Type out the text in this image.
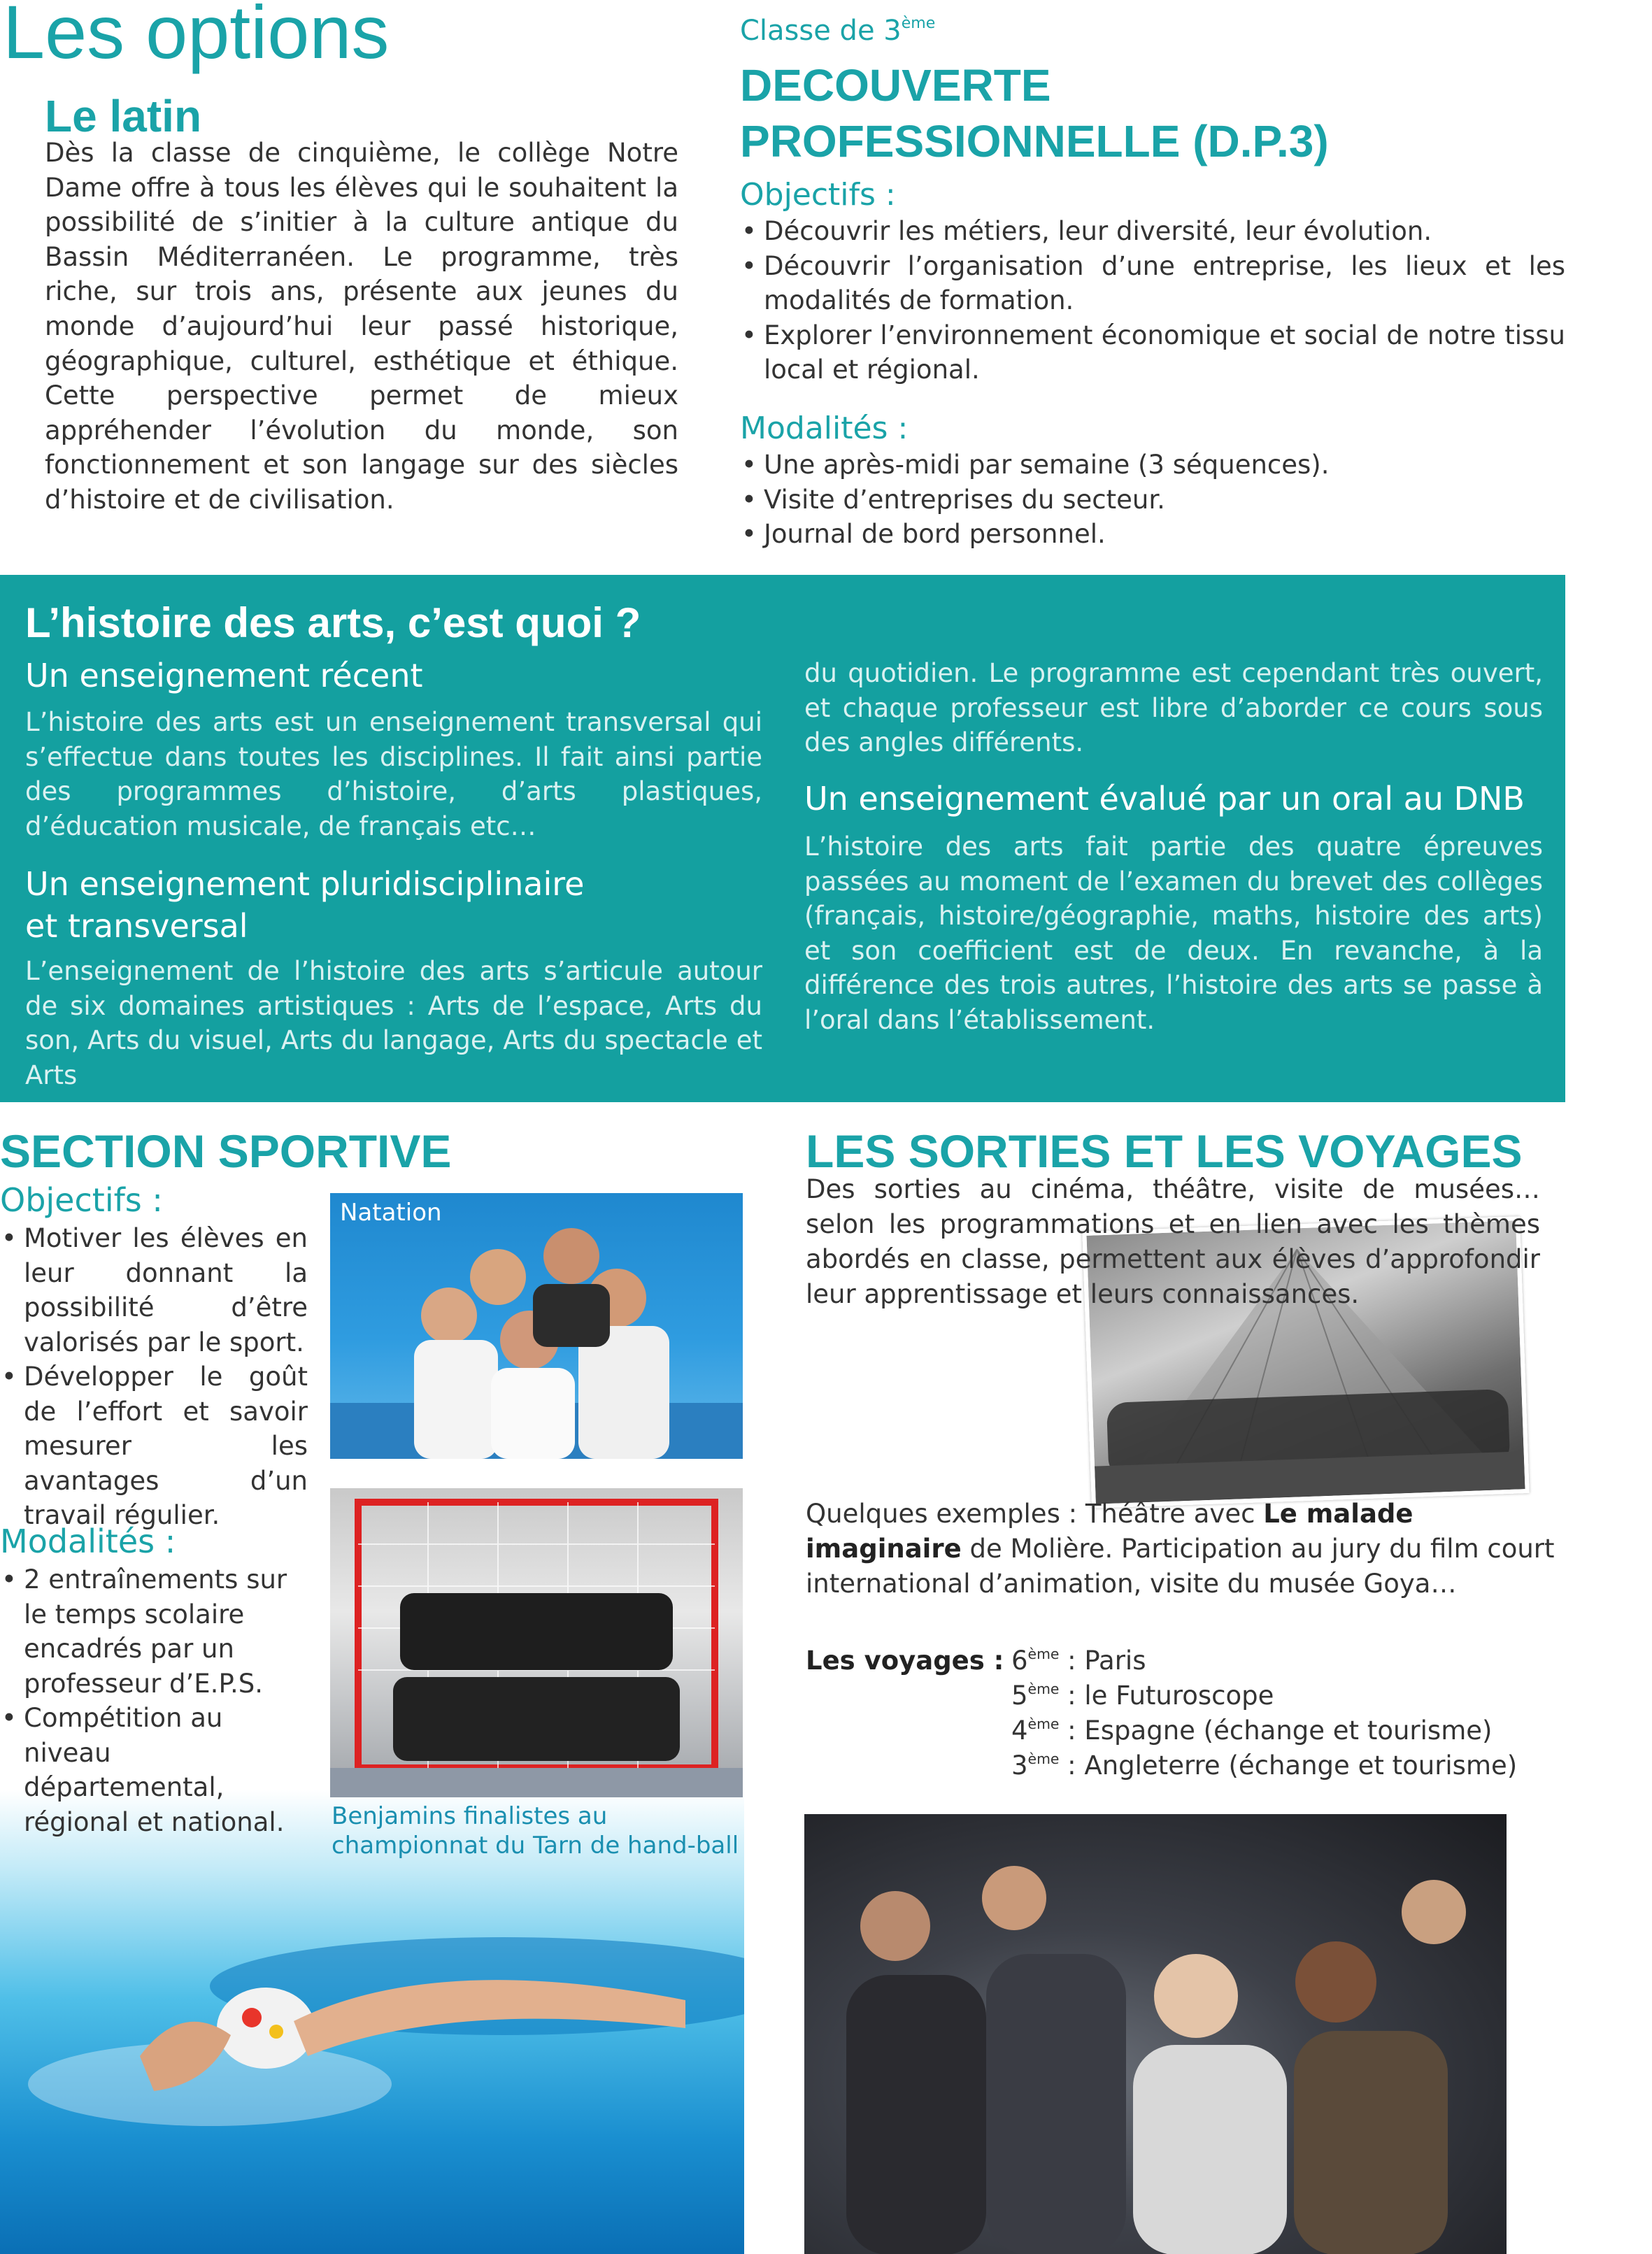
Les options
Le latin
Dès la classe de cinquième, le collège Notre Dame offre à tous les élèves qui le souhaitent la possibilité de s’initier à la culture antique du Bassin Méditerranéen. Le programme, très riche, sur trois ans, présente aux jeunes du monde d’aujourd’hui leur passé historique, géographique, culturel, esthétique et éthique. Cette perspective permet de mieux appréhender l’évolution du monde, son fonctionnement et son langage sur des siècles d’histoire et de civilisation.
Classe de 3ème
DECOUVERTE
PROFESSIONNELLE (D.P.3)
Objectifs :
• Découvrir les métiers, leur diversité, leur évolution.
• Découvrir l’organisation d’une entreprise, les lieux et les modalités de formation.
• Explorer l’environnement économique et social de notre tissu local et régional.
Modalités :
• Une après-midi par semaine (3 séquences).
• Visite d’entreprises du secteur.
• Journal de bord personnel.
L’histoire des arts, c’est quoi ?
Un enseignement récent
L’histoire des arts est un enseignement transversal qui s’effectue dans toutes les disciplines. Il fait ainsi partie des programmes d’histoire, d’arts plastiques, d’éducation musicale, de français etc…
Un enseignement pluridisciplinaire
et transversal
L’enseignement de l’histoire des arts s’articule autour de six domaines artistiques : Arts de l’espace, Arts du son, Arts du visuel, Arts du langage, Arts du spectacle et Arts
du quotidien. Le programme est cependant très ouvert, et chaque professeur est libre d’aborder ce cours sous des angles différents.
Un enseignement évalué par un oral au DNB
L’histoire des arts fait partie des quatre épreuves passées au moment de l’examen du brevet des collèges (français, histoire/géographie, maths, histoire des arts) et son coefficient est de deux. En revanche, à la différence des trois autres, l’histoire des arts se passe à l’oral dans l’établissement.
SECTION SPORTIVE
Objectifs :
• Motiver les élèves en leur donnant la possibilité d’être valorisés par le sport.
• Développer le goût de l’effort et savoir mesurer les avantages d’un travail régulier.
Modalités :
• 2 entraînements sur le temps scolaire encadrés par un professeur d’E.P.S.
• Compétition au niveau départemental, régional et national.
Natation
Benjamins finalistes au championnat du Tarn de hand-ball
LES SORTIES ET LES VOYAGES
Des sorties au cinéma, théâtre, visite de musées… selon les programmations et en lien avec les thèmes abordés en classe, permettent aux élèves d’approfondir leur apprentissage et leurs connaissances.
Quelques exemples : Théâtre avec Le malade imaginaire de Molière. Participation au jury du film court international d’animation, visite du musée Goya…
Les voyages : 6ème : Paris
5ème : le Futuroscope
4ème : Espagne (échange et tourisme)
3ème : Angleterre (échange et tourisme)
